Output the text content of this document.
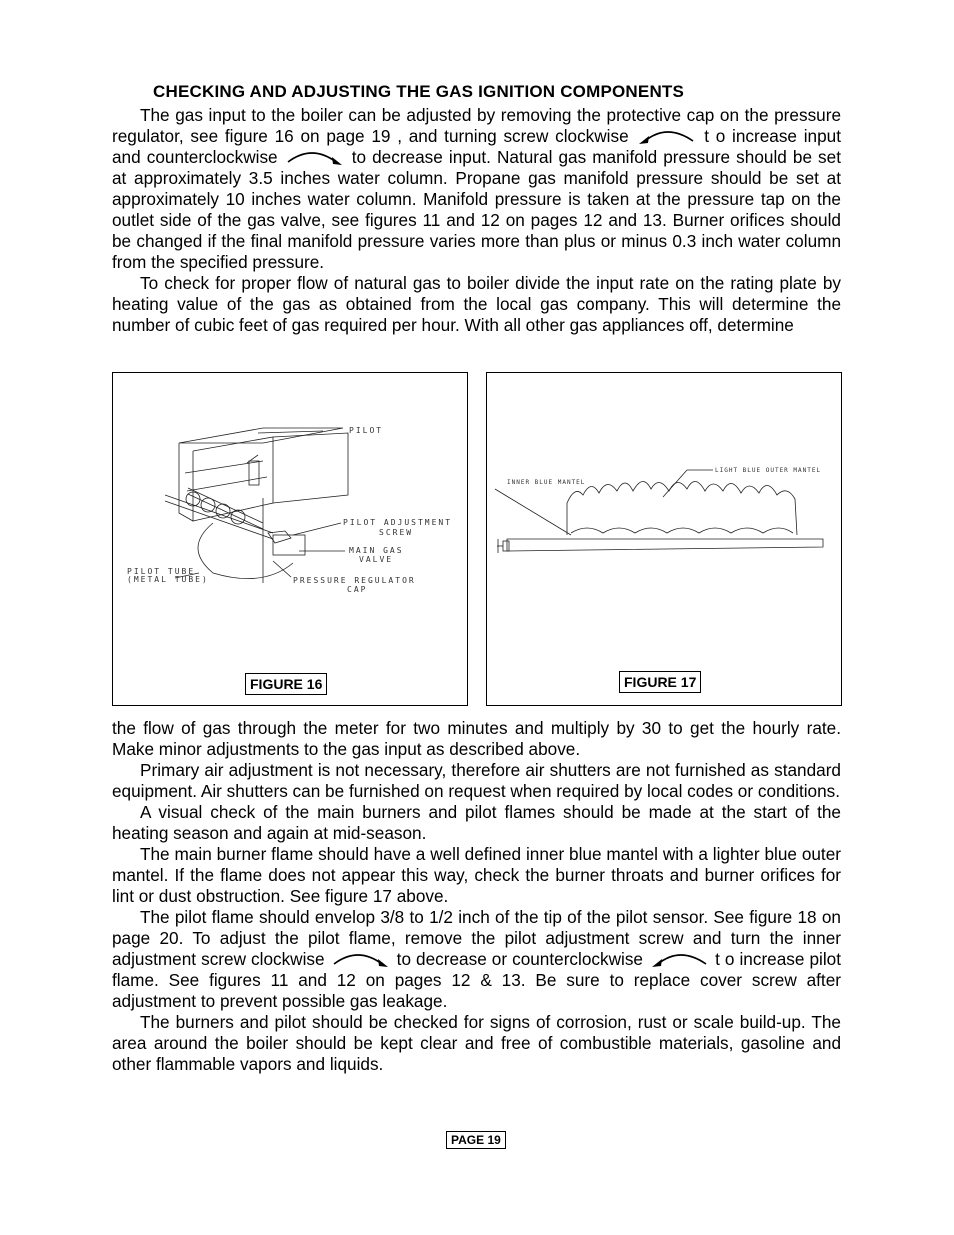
CHECKING AND ADJUSTING THE GAS IGNITION COMPONENTS

The gas input to the boiler can be adjusted by removing the protective cap on the pressure regulator, see figure 16 on page 19 , and turning screw clockwise	t o increase input and counterclockwise	to decrease input. Natural gas manifold pressure should be set at approximately 3.5 inches water column. Propane gas manifold pressure should be set at approximately 10 inches water column. Manifold pressure is taken at the pressure tap on the outlet side of the gas valve, see figures 11 and 12 on pages 12 and 13. Burner orifices should be changed if the final manifold pressure varies more than plus or minus 0.3 inch water column from the specified pressure.

To check for proper flow of natural gas to boiler divide the input rate on the rating plate by heating value of the gas as obtained from the local gas company. This will determine the number of cubic feet of gas required per hour. With all other gas appliances off, determine

PILOT
PILOT ADJUSTMENT
SCREW
MAIN GAS
VALVE
PILOT TUBE
(METAL TUBE)	PRESSURE REGULATOR
CAP
FIGURE 16
INNER BLUE MANTEL
LIGHT BLUE OUTER MANTEL
FIGURE 17

the flow of gas through the meter for two minutes and multiply by 30 to get the hourly rate. Make minor adjustments to the gas input as described above.

Primary air adjustment is not necessary, therefore air shutters are not furnished as standard equipment. Air shutters can be furnished on request when required by local codes or conditions.

A visual check of the main burners and pilot flames should be made at the start of the heating season and again at mid-season.

The main burner flame should have a well defined inner blue mantel with a lighter blue outer mantel. If the flame does not appear this way, check the burner throats and burner orifices for lint or dust obstruction. See figure 17 above.

The pilot flame should envelop 3/8 to 1/2 inch of the tip of the pilot sensor. See figure 18 on page 20. To adjust the pilot flame, remove the pilot adjustment screw and turn the inner adjustment screw clockwise	to decrease or counterclockwise	t o increase pilot flame. See figures 11 and 12 on pages 12 & 13. Be sure to replace cover screw after adjustment to prevent possible gas leakage.

The burners and pilot should be checked for signs of corrosion, rust or scale build-up. The area around the boiler should be kept clear and free of combustible materials, gasoline and other flammable vapors and liquids.

PAGE 19
